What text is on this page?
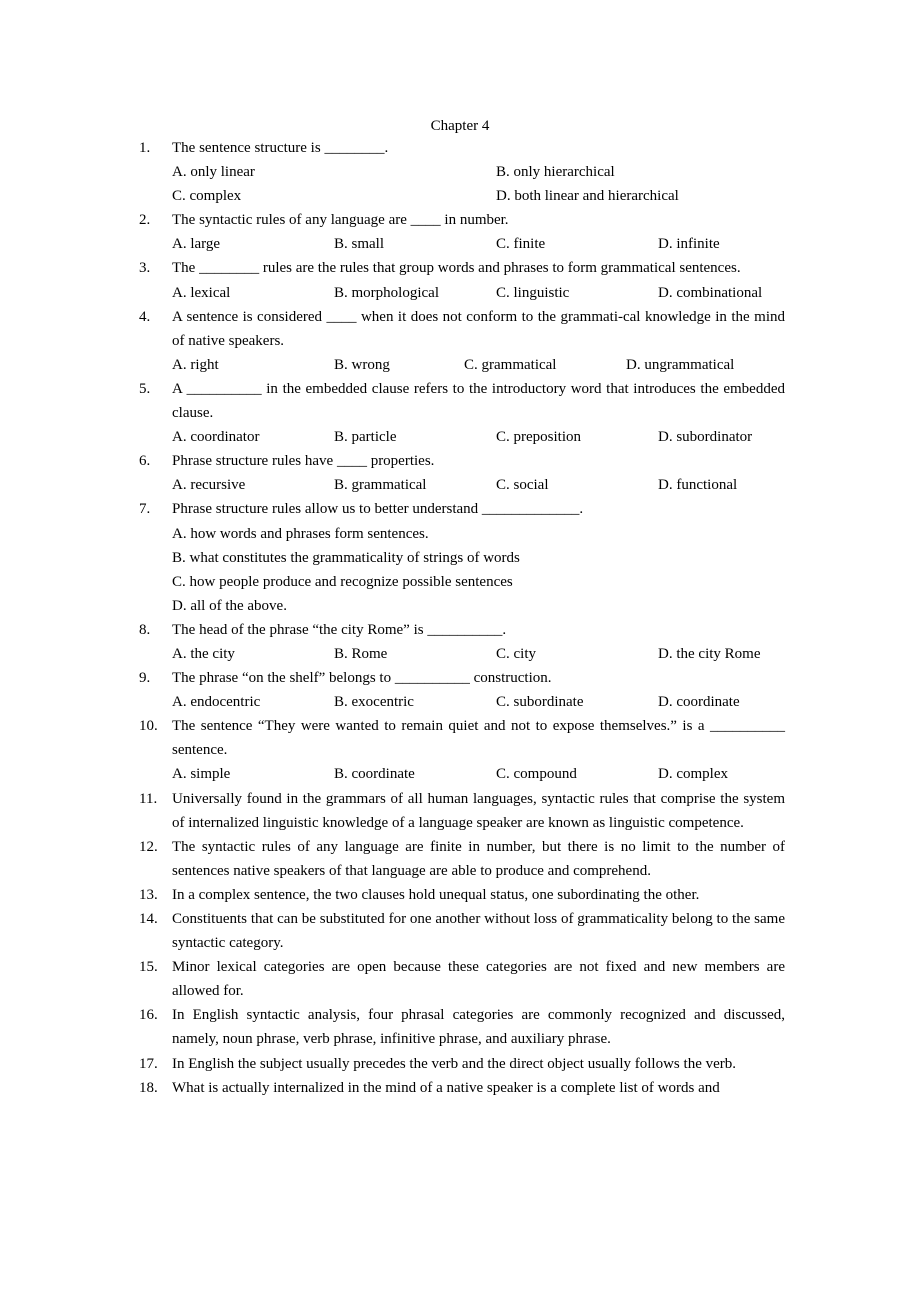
Chapter 4
1.	The sentence structure is ________.
A. only linear	B. only hierarchical
C. complex	D. both linear and hierarchical
2.	The syntactic rules of any language are ____ in number.
A. large	B. small	C. finite	D. infinite
3.	The ________ rules are the rules that group words and phrases to form grammatical sentences.
A. lexical	B. morphological	C. linguistic	D. combinational
4.	A sentence is considered ____ when it does not conform to the grammati-cal knowledge in the mind of native speakers.
A. right	B. wrong	C. grammatical	D. ungrammatical
5.	A __________ in the embedded clause refers to the introductory word that introduces the embedded clause.
A. coordinator	B. particle	C. preposition	D. subordinator
6.	Phrase structure rules have ____ properties.
A. recursive	B. grammatical	C. social	D. functional
7.	Phrase structure rules allow us to better understand _____________.
A. how words and phrases form sentences.
B. what constitutes the grammaticality of strings of words
C. how people produce and recognize possible sentences
D. all of the above.
8.	The head of the phrase “the city Rome” is __________.
A. the city	B. Rome	C. city	D. the city Rome
9.	The phrase “on the shelf” belongs to __________ construction.
A. endocentric	B. exocentric	C. subordinate	D. coordinate
10. The sentence “They were wanted to remain quiet and not to expose themselves.” is a __________ sentence.
A. simple	B. coordinate	C. compound	D. complex
11. Universally found in the grammars of all human languages, syntactic rules that comprise the system of internalized linguistic knowledge of a language speaker are known as linguistic competence.
12. The syntactic rules of any language are finite in number, but there is no limit to the number of sentences native speakers of that language are able to produce and comprehend.
13. In a complex sentence, the two clauses hold unequal status, one subordinating the other.
14. Constituents that can be substituted for one another without loss of grammaticality belong to the same syntactic category.
15. Minor lexical categories are open because these categories are not fixed and new members are allowed for.
16. In English syntactic analysis, four phrasal categories are commonly recognized and discussed, namely, noun phrase, verb phrase, infinitive phrase, and auxiliary phrase.
17. In English the subject usually precedes the verb and the direct object usually follows the verb.
18. What is actually internalized in the mind of a native speaker is a complete list of words and
